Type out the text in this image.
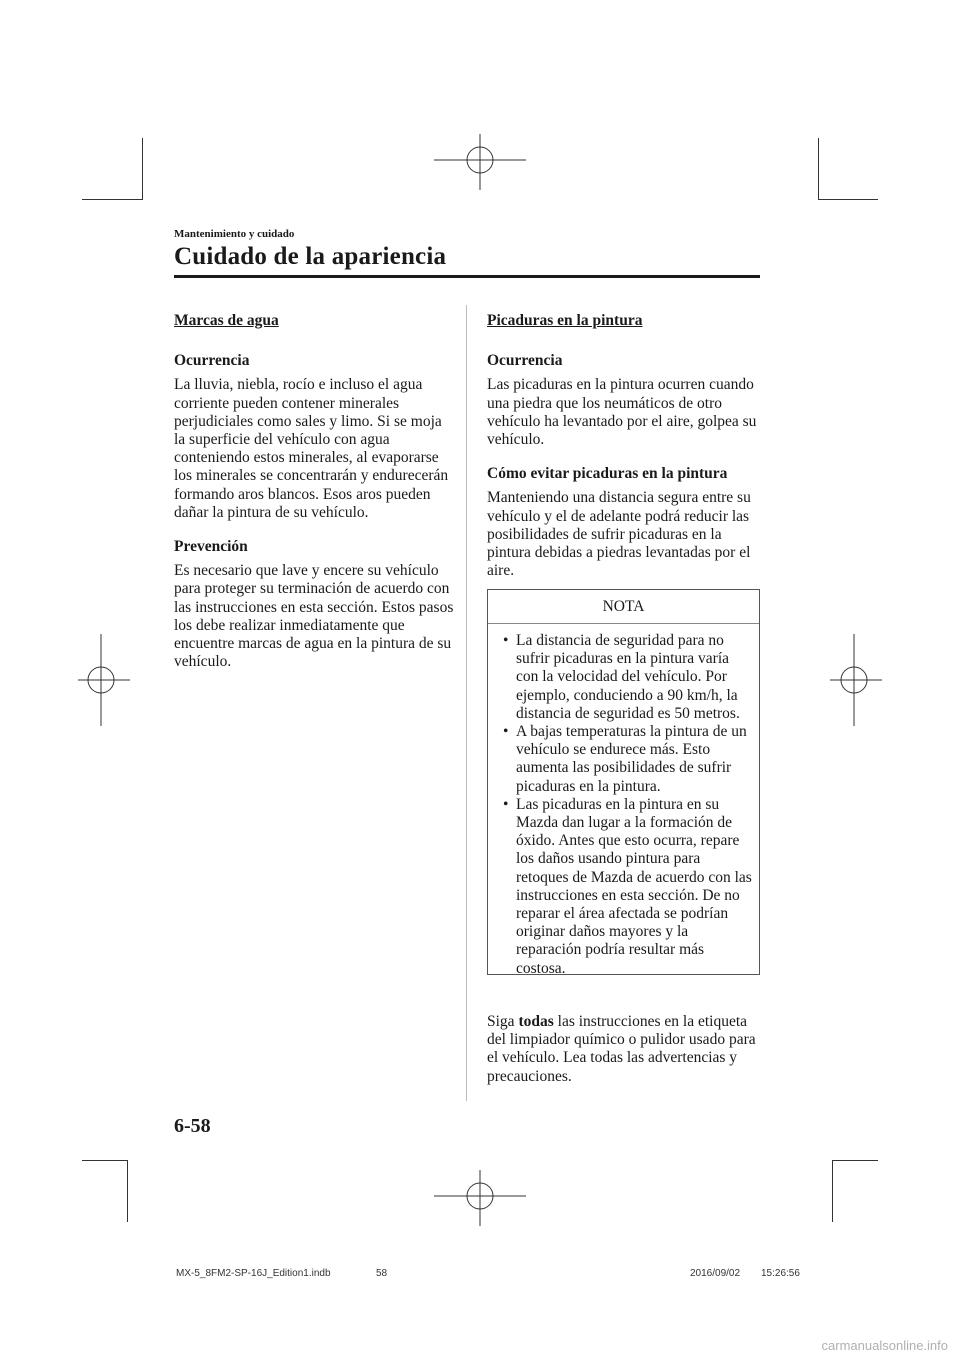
Mantenimiento y cuidado
Cuidado de la apariencia
Marcas de agua
Ocurrencia

La lluvia, niebla, rocío e incluso el agua corriente pueden contener minerales perjudiciales como sales y limo. Si se moja la superficie del vehículo con agua conteniendo estos minerales, al evaporarse los minerales se concentrarán y endurecerán formando aros blancos. Esos aros pueden dañar la pintura de su vehículo.

Prevención

Es necesario que lave y encere su vehículo para proteger su terminación de acuerdo con las instrucciones en esta sección. Estos pasos los debe realizar inmediatamente que encuentre marcas de agua en la pintura de su vehículo.

Picaduras en la pintura
Ocurrencia

Las picaduras en la pintura ocurren cuando una piedra que los neumáticos de otro vehículo ha levantado por el aire, golpea su vehículo.

Cómo evitar picaduras en la pintura

Manteniendo una distancia segura entre su vehículo y el de adelante podrá reducir las posibilidades de sufrir picaduras en la pintura debidas a piedras levantadas por el aire.

NOTA
• La distancia de seguridad para no sufrir picaduras en la pintura varía con la velocidad del vehículo. Por ejemplo, conduciendo a 90 km/h, la distancia de seguridad es 50 metros.
• A bajas temperaturas la pintura de un vehículo se endurece más. Esto aumenta las posibilidades de sufrir picaduras en la pintura.
• Las picaduras en la pintura en su Mazda dan lugar a la formación de óxido. Antes que esto ocurra, repare los daños usando pintura para retoques de Mazda de acuerdo con las instrucciones en esta sección. De no reparar el área afectada se podrían originar daños mayores y la reparación podría resultar más costosa.
Siga todas las instrucciones en la etiqueta del limpiador químico o pulidor usado para el vehículo. Lea todas las advertencias y precauciones.
6-58
MX-5_8FM2-SP-16J_Edition1.indb	58	2016/09/02 15:26:56
carmanualsonline.info
